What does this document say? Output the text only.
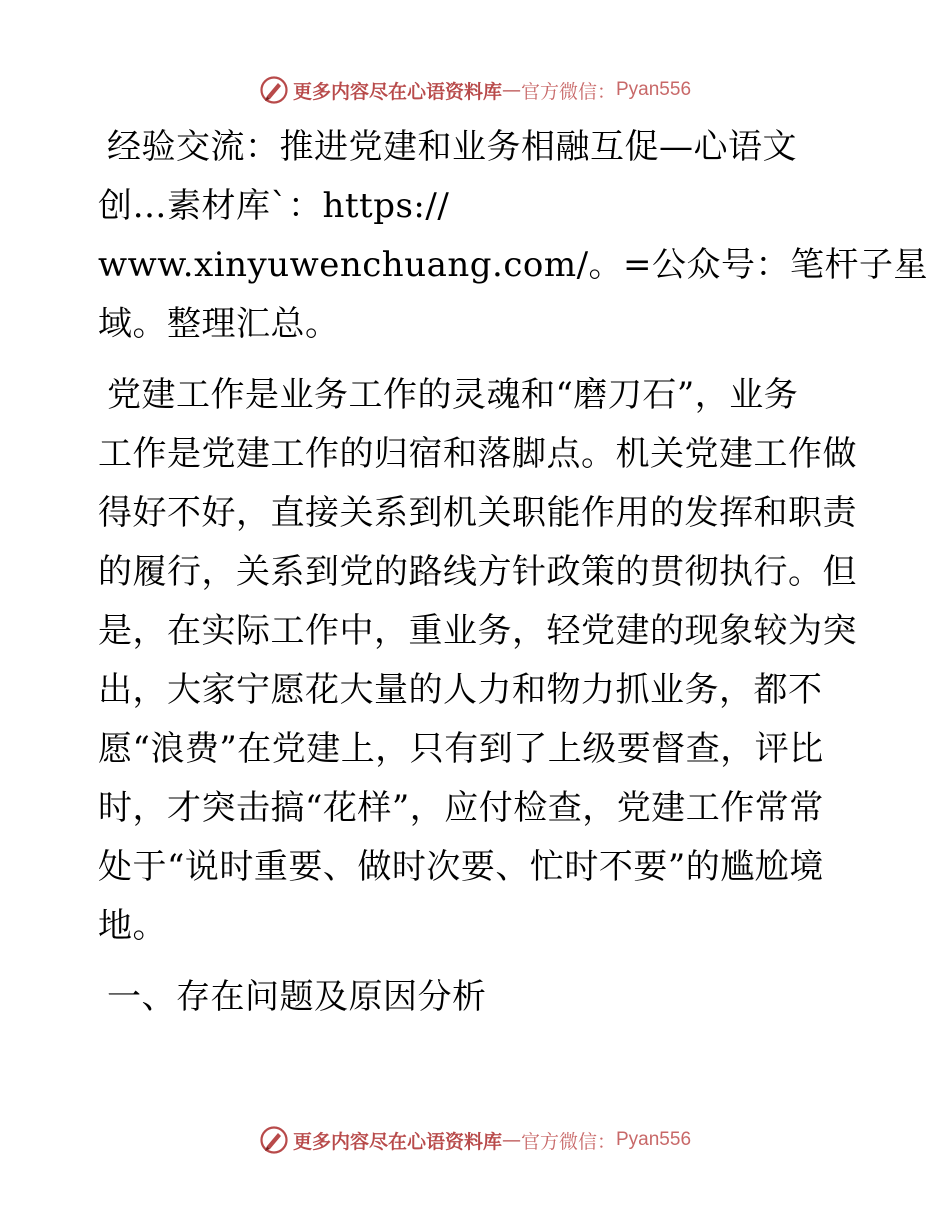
更多内容尽在心语资料库 — 官方微信： Pyan556
经验交流：推进党建和业务相融互促—心语文
创…素材库`：https://
www.xinyuwenchuang.com/。=公众号：笔杆子星
域。整理汇总。
党建工作是业务工作的灵魂和“磨刀石”，业务
工作是党建工作的归宿和落脚点。机关党建工作做
得好不好，直接关系到机关职能作用的发挥和职责
的履行，关系到党的路线方针政策的贯彻执行。但
是，在实际工作中，重业务，轻党建的现象较为突
出，大家宁愿花大量的人力和物力抓业务，都不
愿“浪费”在党建上，只有到了上级要督查，评比
时，才突击搞“花样”，应付检查，党建工作常常
处于“说时重要、做时次要、忙时不要”的尴尬境
地。
一、存在问题及原因分析
更多内容尽在心语资料库 — 官方微信： Pyan556
